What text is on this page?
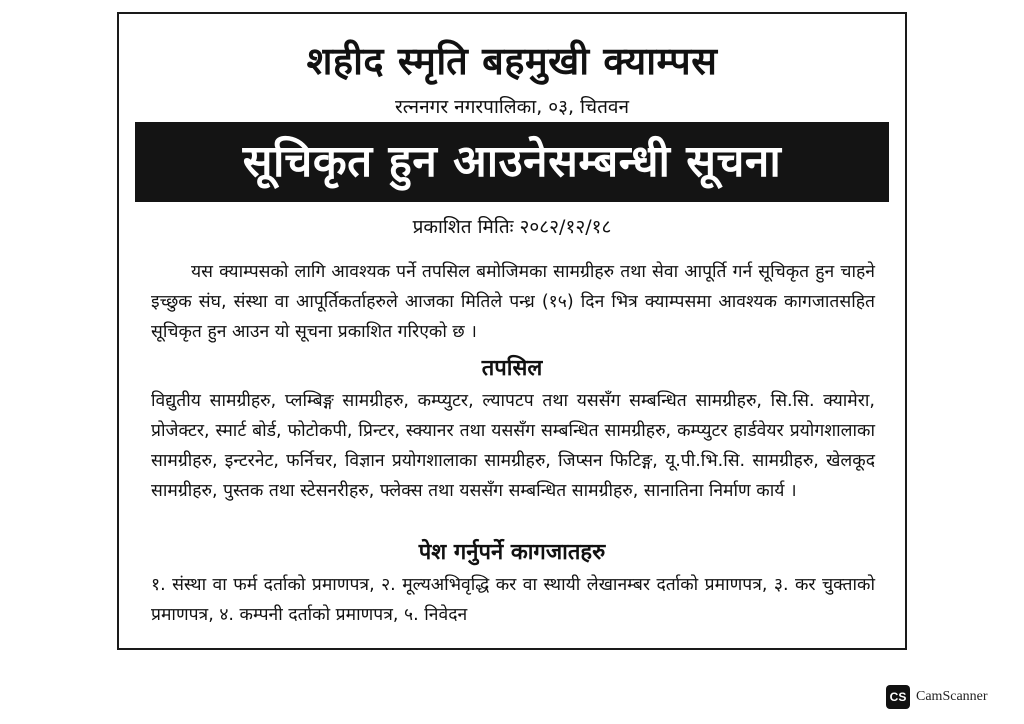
शहीद स्मृति बहमुखी क्याम्पस
रत्ननगर नगरपालिका, ०३, चितवन
सूचिकृत हुन आउनेसम्बन्धी सूचना
प्रकाशित मितिः २०८२/१२/१८
यस क्याम्पसको लागि आवश्यक पर्ने तपसिल बमोजिमका सामग्रीहरु तथा सेवा आपूर्ति गर्न सूचिकृत हुन चाहने इच्छुक संघ, संस्था वा आपूर्तिकर्ताहरुले आजका मितिले पन्ध्र (१५) दिन भित्र क्याम्पसमा आवश्यक कागजातसहित सूचिकृत हुन आउन यो सूचना प्रकाशित गरिएको छ ।
तपसिल
विद्युतीय सामग्रीहरु, प्लम्बिङ्ग सामग्रीहरु, कम्प्युटर, ल्यापटप तथा यससँग सम्बन्धित सामग्रीहरु, सि.सि. क्यामेरा, प्रोजेक्टर, स्मार्ट बोर्ड, फोटोकपी, प्रिन्टर, स्क्यानर तथा यससँग सम्बन्धित सामग्रीहरु, कम्प्युटर हार्डवेयर प्रयोगशालाका सामग्रीहरु, इन्टरनेट, फर्निचर, विज्ञान प्रयोगशालाका सामग्रीहरु, जिप्सन फिटिङ्ग, यू.पी.भि.सि. सामग्रीहरु, खेलकूद सामग्रीहरु, पुस्तक तथा स्टेसनरीहरु, फ्लेक्स तथा यससँग सम्बन्धित सामग्रीहरु, सानातिना निर्माण कार्य ।
पेश गर्नुपर्ने कागजातहरु
१. संस्था वा फर्म दर्ताको प्रमाणपत्र, २. मूल्यअभिवृद्धि कर वा स्थायी लेखानम्बर दर्ताको प्रमाणपत्र, ३. कर चुक्ताको प्रमाणपत्र, ४. कम्पनी दर्ताको प्रमाणपत्र, ५. निवेदन
CS CamScanner
